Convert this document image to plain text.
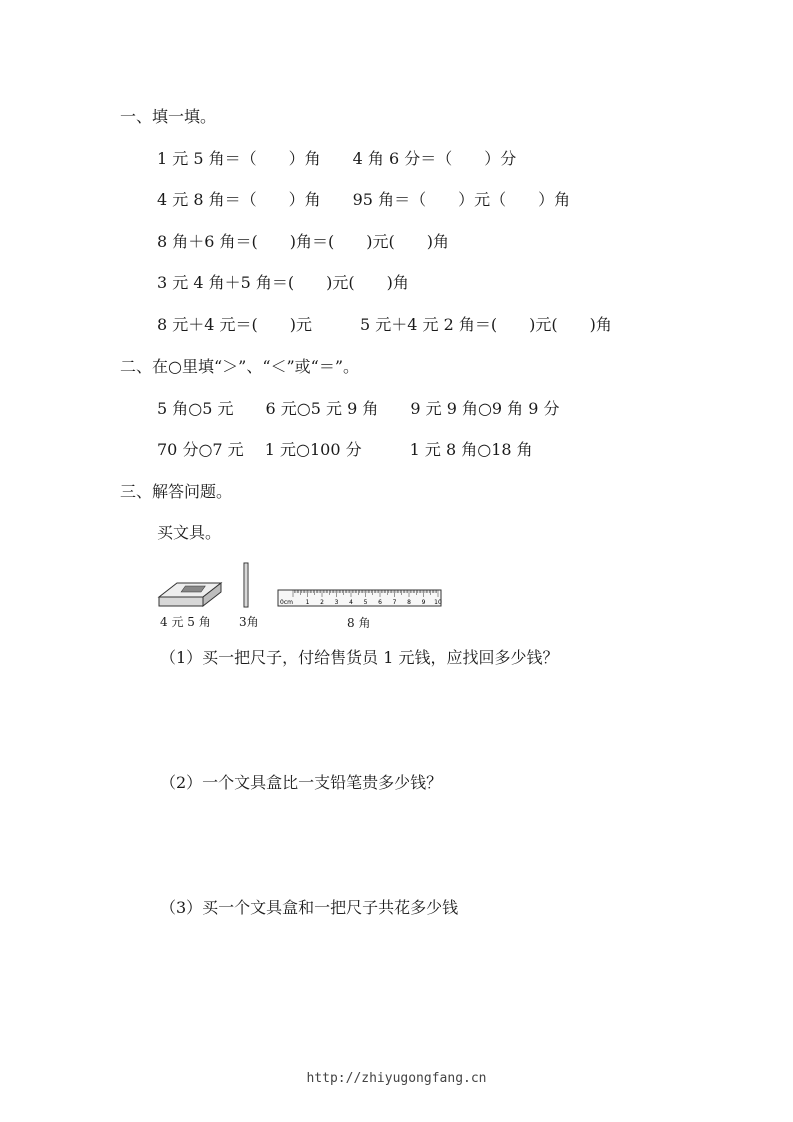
一、填一填。
1 元 5 角＝（　　）角　　4 角 6 分＝（　　）分
4 元 8 角＝（　　）角　　95 角＝（　　）元（　　）角
8 角＋6 角＝(　　)角＝(　　)元(　　)角
3 元 4 角＋5 角＝(　　)元(　　)角
8 元＋4 元＝(　　)元　　　5 元＋4 元 2 角＝(　　)元(　　)角
二、在○里填“＞”、“＜”或“＝”。
5 角○5 元　　6 元○5 元 9 角　　9 元 9 角○9 角 9 分
70 分○7 元　 1 元○100 分　　　1 元 8 角○18 角
三、解答问题。
买文具。
4 元 5 角 3角
0cm 1 2 3 4 5 6 7 8 9 10
8 角
（1）买一把尺子，付给售货员 1 元钱，应找回多少钱？
（2）一个文具盒比一支铅笔贵多少钱？
（3）买一个文具盒和一把尺子共花多少钱
http://zhiyugongfang.cn
